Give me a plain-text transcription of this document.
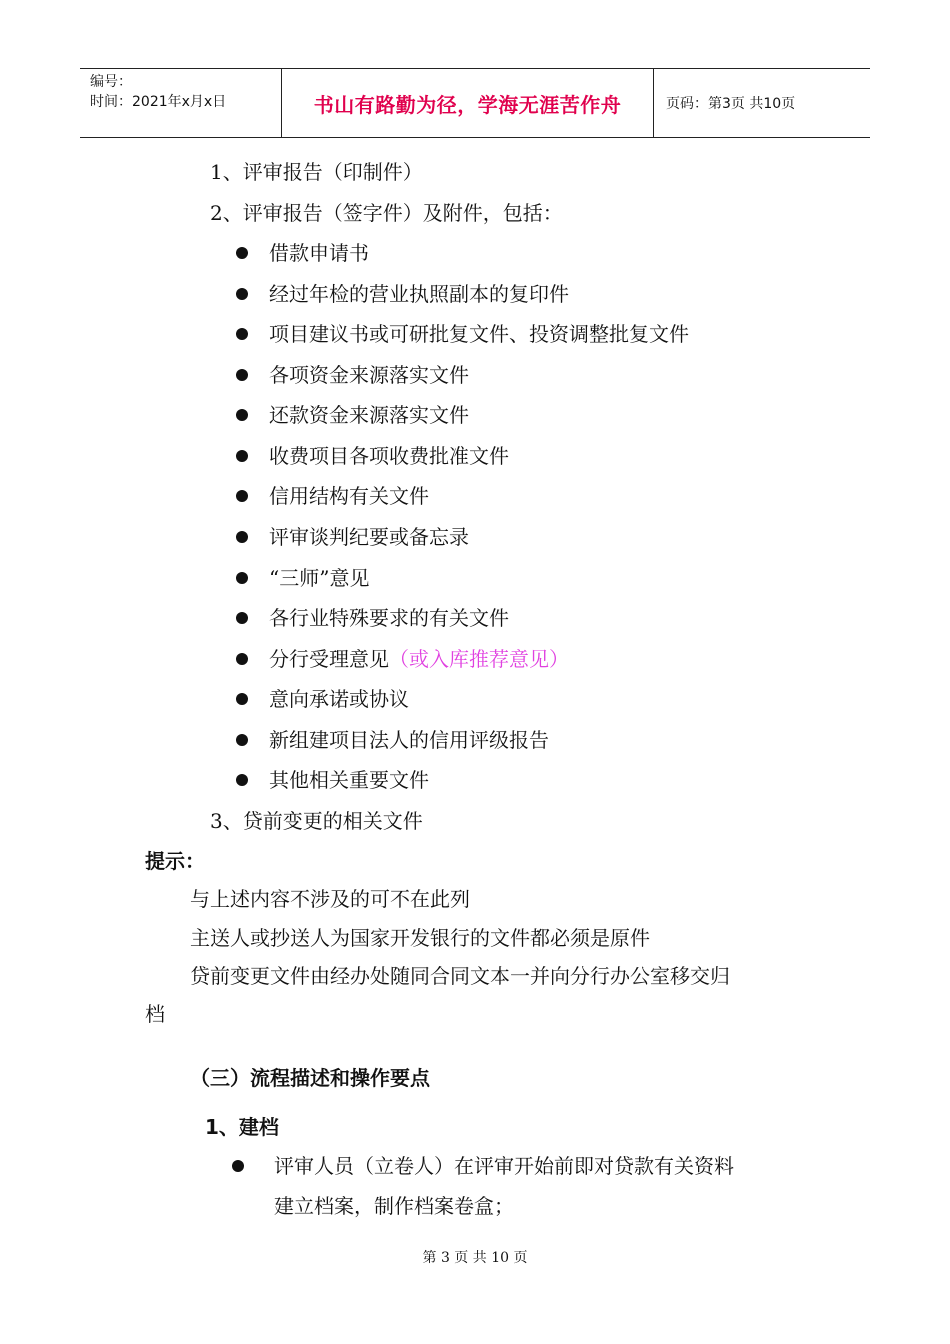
编号：
时间：2021年x月x日	书山有路勤为径，学海无涯苦作舟	页码：第3页 共10页
1、评审报告（印制件）
2、评审报告（签字件）及附件，包括：
借款申请书
经过年检的营业执照副本的复印件
项目建议书或可研批复文件、投资调整批复文件
各项资金来源落实文件
还款资金来源落实文件
收费项目各项收费批准文件
信用结构有关文件
评审谈判纪要或备忘录
“三师”意见
各行业特殊要求的有关文件
分行受理意见（或入库推荐意见）
意向承诺或协议
新组建项目法人的信用评级报告
其他相关重要文件
3、贷前变更的相关文件
提示：
与上述内容不涉及的可不在此列
主送人或抄送人为国家开发银行的文件都必须是原件
贷前变更文件由经办处随同合同文本一并向分行办公室移交归
档
（三）流程描述和操作要点
1、建档
评审人员（立卷人）在评审开始前即对贷款有关资料
建立档案，制作档案卷盒；
第 3 页 共 10 页
